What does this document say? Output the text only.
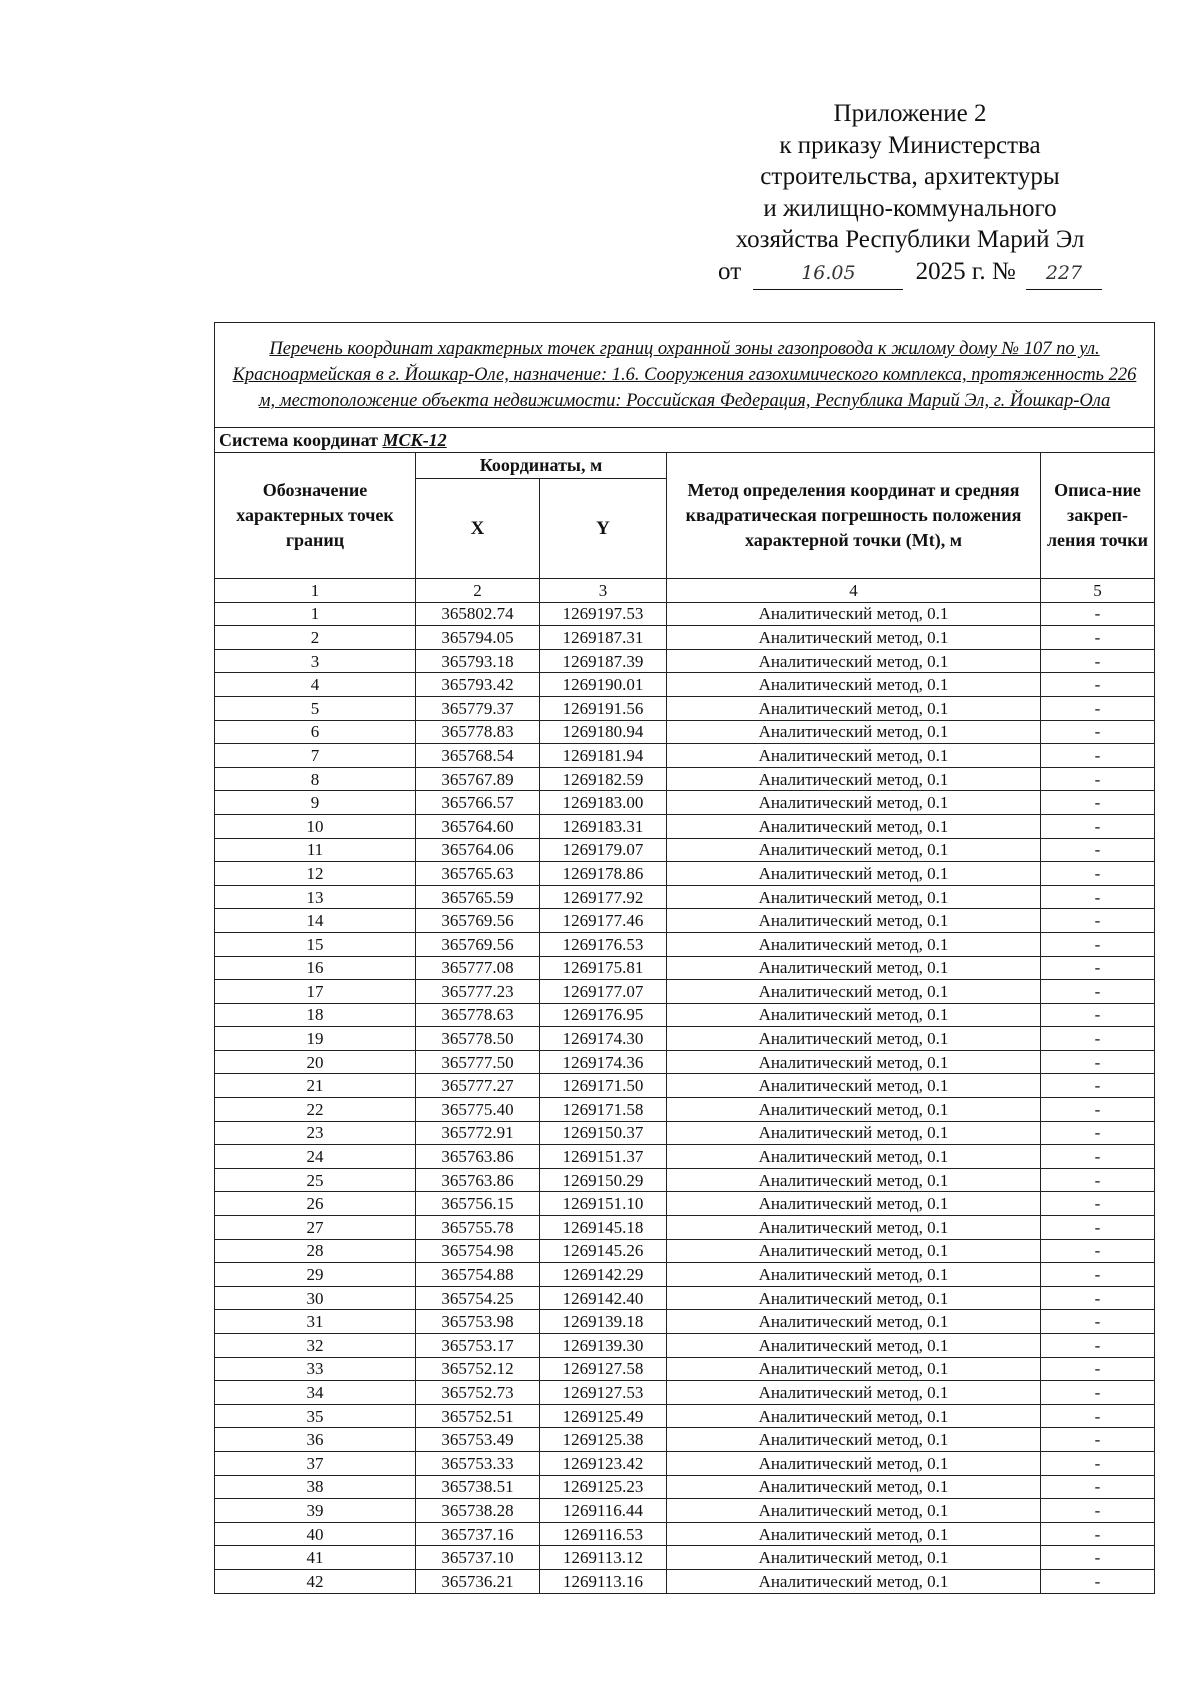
Приложение 2
к приказу Министерства
строительства, архитектуры
и жилищно-коммунального
хозяйства Республики Марий Эл
от	16.05 2025 г. № 227
Перечень координат характерных точек границ охранной зоны газопровода к жилому дому № 107 по ул. Красноармейская в г. Йошкар-Оле, назначение: 1.6. Сооружения газохимического комплекса, протяженность 226 м, местоположение объекта недвижимости: Российская Федерация, Республика Марий Эл, г. Йошкар-Ола				
Система координат МСК-12				
Обозначение характерных точек границ	Координаты, м		Метод определения координат и средняя квадратическая погрешность положения характерной точки (Mt), м	Описа-ние закреп-ления точки
	X	Y		
1	2	3	4	5
1	365802.74	1269197.53	Аналитический метод, 0.1	-
2	365794.05	1269187.31	Аналитический метод, 0.1	-
3	365793.18	1269187.39	Аналитический метод, 0.1	-
4	365793.42	1269190.01	Аналитический метод, 0.1	-
5	365779.37	1269191.56	Аналитический метод, 0.1	-
6	365778.83	1269180.94	Аналитический метод, 0.1	-
7	365768.54	1269181.94	Аналитический метод, 0.1	-
8	365767.89	1269182.59	Аналитический метод, 0.1	-
9	365766.57	1269183.00	Аналитический метод, 0.1	-
10	365764.60	1269183.31	Аналитический метод, 0.1	-
11	365764.06	1269179.07	Аналитический метод, 0.1	-
12	365765.63	1269178.86	Аналитический метод, 0.1	-
13	365765.59	1269177.92	Аналитический метод, 0.1	-
14	365769.56	1269177.46	Аналитический метод, 0.1	-
15	365769.56	1269176.53	Аналитический метод, 0.1	-
16	365777.08	1269175.81	Аналитический метод, 0.1	-
17	365777.23	1269177.07	Аналитический метод, 0.1	-
18	365778.63	1269176.95	Аналитический метод, 0.1	-
19	365778.50	1269174.30	Аналитический метод, 0.1	-
20	365777.50	1269174.36	Аналитический метод, 0.1	-
21	365777.27	1269171.50	Аналитический метод, 0.1	-
22	365775.40	1269171.58	Аналитический метод, 0.1	-
23	365772.91	1269150.37	Аналитический метод, 0.1	-
24	365763.86	1269151.37	Аналитический метод, 0.1	-
25	365763.86	1269150.29	Аналитический метод, 0.1	-
26	365756.15	1269151.10	Аналитический метод, 0.1	-
27	365755.78	1269145.18	Аналитический метод, 0.1	-
28	365754.98	1269145.26	Аналитический метод, 0.1	-
29	365754.88	1269142.29	Аналитический метод, 0.1	-
30	365754.25	1269142.40	Аналитический метод, 0.1	-
31	365753.98	1269139.18	Аналитический метод, 0.1	-
32	365753.17	1269139.30	Аналитический метод, 0.1	-
33	365752.12	1269127.58	Аналитический метод, 0.1	-
34	365752.73	1269127.53	Аналитический метод, 0.1	-
35	365752.51	1269125.49	Аналитический метод, 0.1	-
36	365753.49	1269125.38	Аналитический метод, 0.1	-
37	365753.33	1269123.42	Аналитический метод, 0.1	-
38	365738.51	1269125.23	Аналитический метод, 0.1	-
39	365738.28	1269116.44	Аналитический метод, 0.1	-
40	365737.16	1269116.53	Аналитический метод, 0.1	-
41	365737.10	1269113.12	Аналитический метод, 0.1	-
42	365736.21	1269113.16	Аналитический метод, 0.1	-
